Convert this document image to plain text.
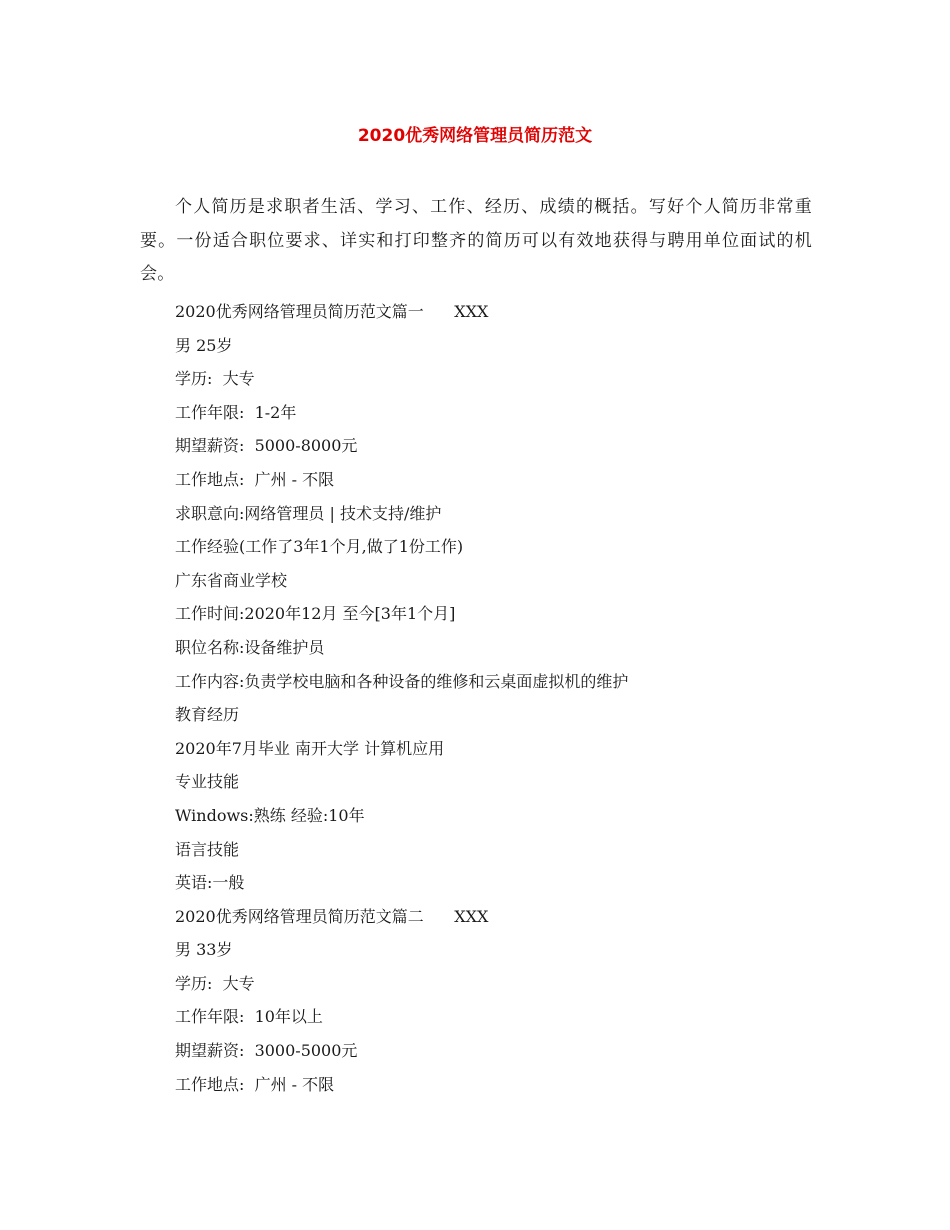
2020优秀网络管理员简历范文

个人简历是求职者生活、学习、工作、经历、成绩的概括。写好个人简历非常重要。一份适合职位要求、详实和打印整齐的简历可以有效地获得与聘用单位面试的机会。

2020优秀网络管理员简历范文篇一      XXX
男 25岁
学历:  大专
工作年限:  1-2年
期望薪资:  5000-8000元
工作地点:  广州 - 不限
求职意向:网络管理员 | 技术支持/维护
工作经验(工作了3年1个月,做了1份工作)
广东省商业学校
工作时间:2020年12月 至今[3年1个月]
职位名称:设备维护员
工作内容:负责学校电脑和各种设备的维修和云桌面虚拟机的维护
教育经历
2020年7月毕业 南开大学 计算机应用
专业技能
Windows:熟练 经验:10年
语言技能
英语:一般
2020优秀网络管理员简历范文篇二      XXX
男 33岁
学历:  大专
工作年限:  10年以上
期望薪资:  3000-5000元
工作地点:  广州 - 不限
